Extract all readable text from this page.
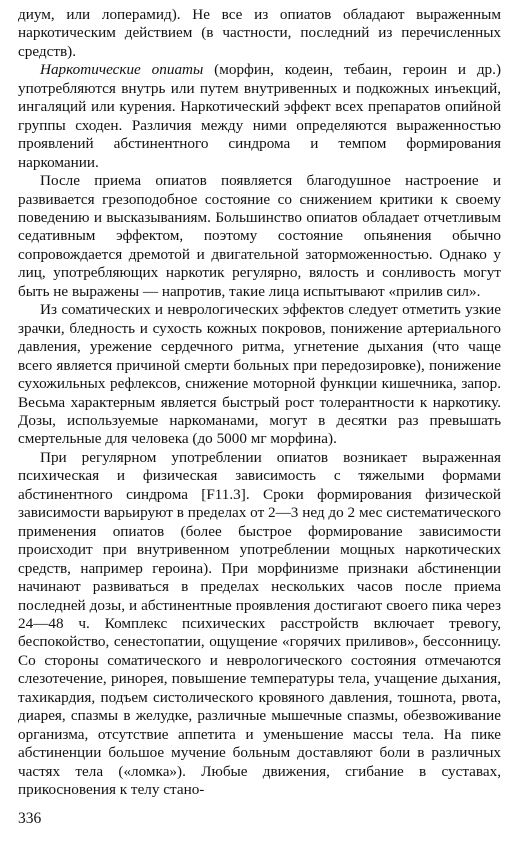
диум, или лоперамид). Не все из опиатов обладают выраженным наркотическим действием (в частности, последний из перечисленных средств).

Наркотические опиаты (морфин, кодеин, тебаин, героин и др.) употребляются внутрь или путем внутривенных и подкожных инъекций, ингаляций или курения. Наркотический эффект всех препаратов опийной группы сходен. Различия между ними определяются выраженностью проявлений абстинентного синдрома и темпом формирования наркомании.

После приема опиатов появляется благодушное настроение и развивается грезоподобное состояние со снижением критики к своему поведению и высказываниям. Большинство опиатов обладает отчетливым седативным эффектом, поэтому состояние опьянения обычно сопровождается дремотой и двигательной заторможенностью. Однако у лиц, употребляющих наркотик регулярно, вялость и сонливость могут быть не выражены — напротив, такие лица испытывают «прилив сил».

Из соматических и неврологических эффектов следует отметить узкие зрачки, бледность и сухость кожных покровов, понижение артериального давления, урежение сердечного ритма, угнетение дыхания (что чаще всего является причиной смерти больных при передозировке), понижение сухожильных рефлексов, снижение моторной функции кишечника, запор. Весьма характерным является быстрый рост толерантности к наркотику. Дозы, используемые наркоманами, могут в десятки раз превышать смертельные для человека (до 5000 мг морфина).

При регулярном употреблении опиатов возникает выраженная психическая и физическая зависимость с тяжелыми формами абстинентного синдрома [F11.3]. Сроки формирования физической зависимости варьируют в пределах от 2—3 нед до 2 мес систематического применения опиатов (более быстрое формирование зависимости происходит при внутривенном употреблении мощных наркотических средств, например героина). При морфинизме признаки абстиненции начинают развиваться в пределах нескольких часов после приема последней дозы, и абстинентные проявления достигают своего пика через 24—48 ч. Комплекс психических расстройств включает тревогу, беспокойство, сенестопатии, ощущение «горячих приливов», бессонницу. Со стороны соматического и неврологического состояния отмечаются слезотечение, ринорея, повышение температуры тела, учащение дыхания, тахикардия, подъем систолического кровяного давления, тошнота, рвота, диарея, спазмы в желудке, различные мышечные спазмы, обезвоживание организма, отсутствие аппетита и уменьшение массы тела. На пике абстиненции большое мучение больным доставляют боли в различных частях тела («ломка»). Любые движения, сгибание в суставах, прикосновения к телу стано-

336
